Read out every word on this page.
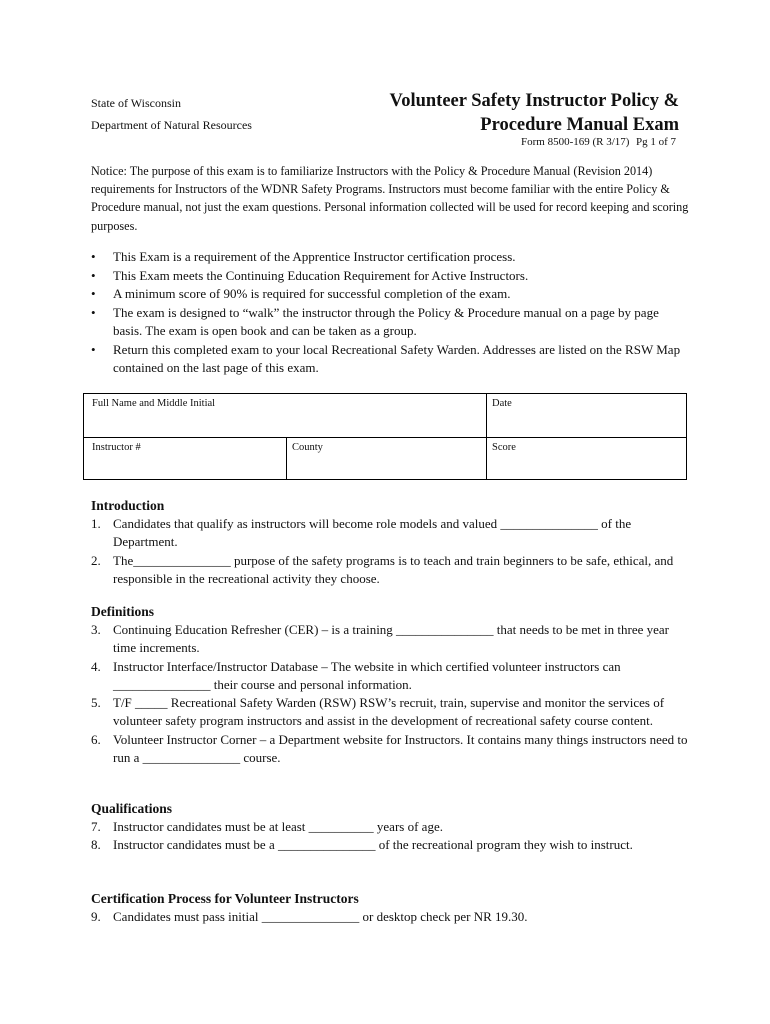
State of Wisconsin
Department of Natural Resources
Volunteer Safety Instructor Policy &
Procedure Manual Exam
Form 8500-169 (R 3/17) Pg 1 of 7
Notice: The purpose of this exam is to familiarize Instructors with the Policy & Procedure Manual (Revision 2014) requirements for Instructors of the WDNR Safety Programs. Instructors must become familiar with the entire Policy & Procedure manual, not just the exam questions. Personal information collected will be used for record keeping and scoring purposes.
• This Exam is a requirement of the Apprentice Instructor certification process.
• This Exam meets the Continuing Education Requirement for Active Instructors.
• A minimum score of 90% is required for successful completion of the exam.
• The exam is designed to “walk” the instructor through the Policy & Procedure manual on a page by page basis. The exam is open book and can be taken as a group.
• Return this completed exam to your local Recreational Safety Warden. Addresses are listed on the RSW Map contained on the last page of this exam.
Full Name and Middle Initial	Date
Instructor #	County	Score
Introduction
1. Candidates that qualify as instructors will become role models and valued _______________ of the Department.
2. The_______________ purpose of the safety programs is to teach and train beginners to be safe, ethical, and responsible in the recreational activity they choose.
Definitions
3. Continuing Education Refresher (CER) – is a training _______________ that needs to be met in three year time increments.
4. Instructor Interface/Instructor Database – The website in which certified volunteer instructors can _______________ their course and personal information.
5. T/F _____ Recreational Safety Warden (RSW) RSW’s recruit, train, supervise and monitor the services of volunteer safety program instructors and assist in the development of recreational safety course content.
6. Volunteer Instructor Corner – a Department website for Instructors. It contains many things instructors need to run a _______________ course.
Qualifications
7. Instructor candidates must be at least __________ years of age.
8. Instructor candidates must be a _______________ of the recreational program they wish to instruct.
Certification Process for Volunteer Instructors
9. Candidates must pass initial _______________ or desktop check per NR 19.30.
